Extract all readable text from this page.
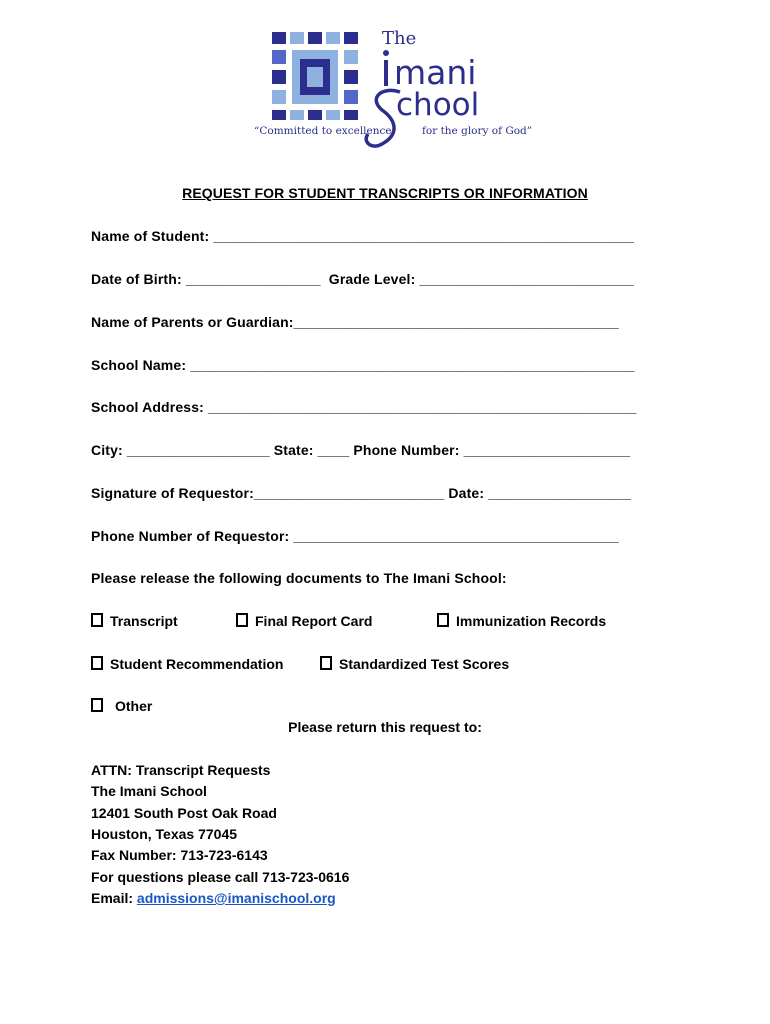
The
mani
chool
“Committed to excellence	for the glory of God”
REQUEST FOR STUDENT TRANSCRIPTS OR INFORMATION
Name of Student: _____________________________________________________
Date of Birth: _________________  Grade Level: ___________________________
Name of Parents or Guardian:_________________________________________
School Name: ________________________________________________________
School Address: ______________________________________________________
City: __________________ State: ____ Phone Number: _____________________
Signature of Requestor:________________________ Date: __________________
Phone Number of Requestor: _________________________________________
Please release the following documents to The Imani School:
Transcript	Final Report Card	Immunization Records
Student Recommendation	Standardized Test Scores
Other
Please return this request to:
ATTN: Transcript Requests
The Imani School
12401 South Post Oak Road
Houston, Texas 77045
Fax Number: 713-723-6143
For questions please call 713-723-0616
Email: admissions@imanischool.org
